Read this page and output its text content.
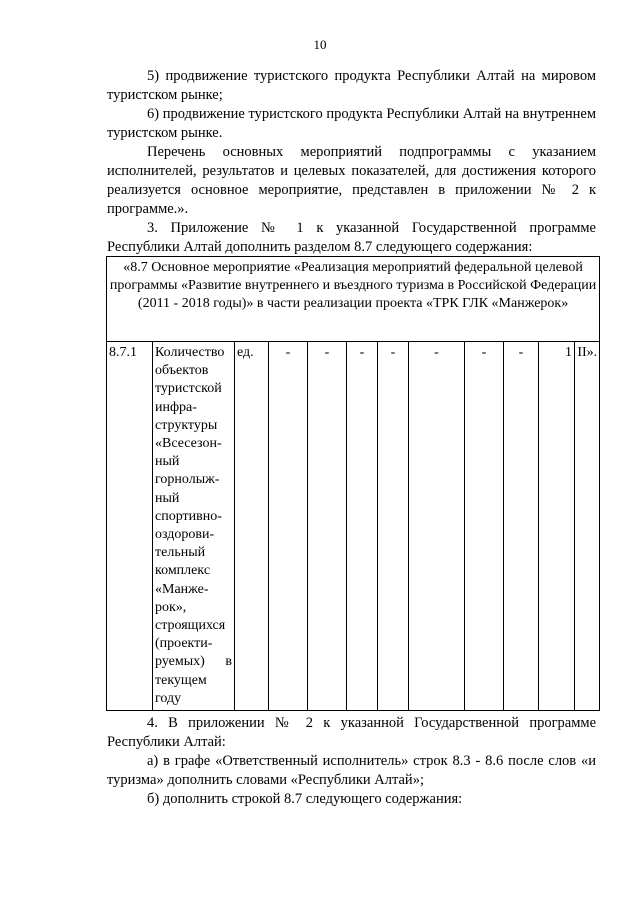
10

5) продвижение туристского продукта Республики Алтай на мировом туристском рынке;

6) продвижение туристского продукта Республики Алтай на внутреннем туристском рынке.

Перечень основных мероприятий подпрограммы с указанием исполнителей, результатов и целевых показателей, для достижения которого реализуется основное мероприятие, представлен в приложении № 2 к программе.».

3. Приложение № 1 к указанной Государственной программе Республики Алтай дополнить разделом 8.7 следующего содержания:

«8.7 Основное мероприятие «Реализация мероприятий федеральной целевой программы «Развитие внутреннего и въездного туризма в Российской Федерации (2011 - 2018 годы)» в части реализации проекта «ТРК ГЛК «Манжерок»
8.7.1	Количество объектов туристской инфра-структуры «Всесезон-ный горнолыж-ный спортивно-оздорови-тельный комплекс «Манже-рок», строящихся (проекти-руемых) в текущем году	ед.	-	-	-	-	-	-	-	1	II».

4. В приложении № 2 к указанной Государственной программе Республики Алтай:

а) в графе «Ответственный исполнитель» строк 8.3 - 8.6 после слов «и туризма» дополнить словами «Республики Алтай»;

б) дополнить строкой 8.7 следующего содержания:
